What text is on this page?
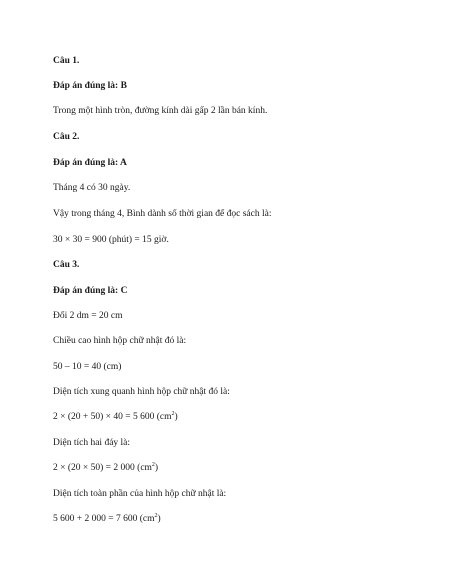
Câu 1.
Đáp án đúng là: B
Trong một hình tròn, đường kính dài gấp 2 lần bán kính.
Câu 2.
Đáp án đúng là: A
Tháng 4 có 30 ngày.
Vậy trong tháng 4, Bình dành số thời gian để đọc sách là:
30 × 30 = 900 (phút) = 15 giờ.
Câu 3.
Đáp án đúng là: C
Đổi 2 dm = 20 cm
Chiều cao hình hộp chữ nhật đó là:
50 – 10 = 40 (cm)
Diện tích xung quanh hình hộp chữ nhật đó là:
2 × (20 + 50) × 40 = 5 600 $(cm^2)$
Diện tích hai đáy là:
2 × (20 × 50) = 2 000 $(cm^2)$
Diện tích toàn phần của hình hộp chữ nhật là:
5 600 + 2 000 = 7 600 $(cm^2)$
